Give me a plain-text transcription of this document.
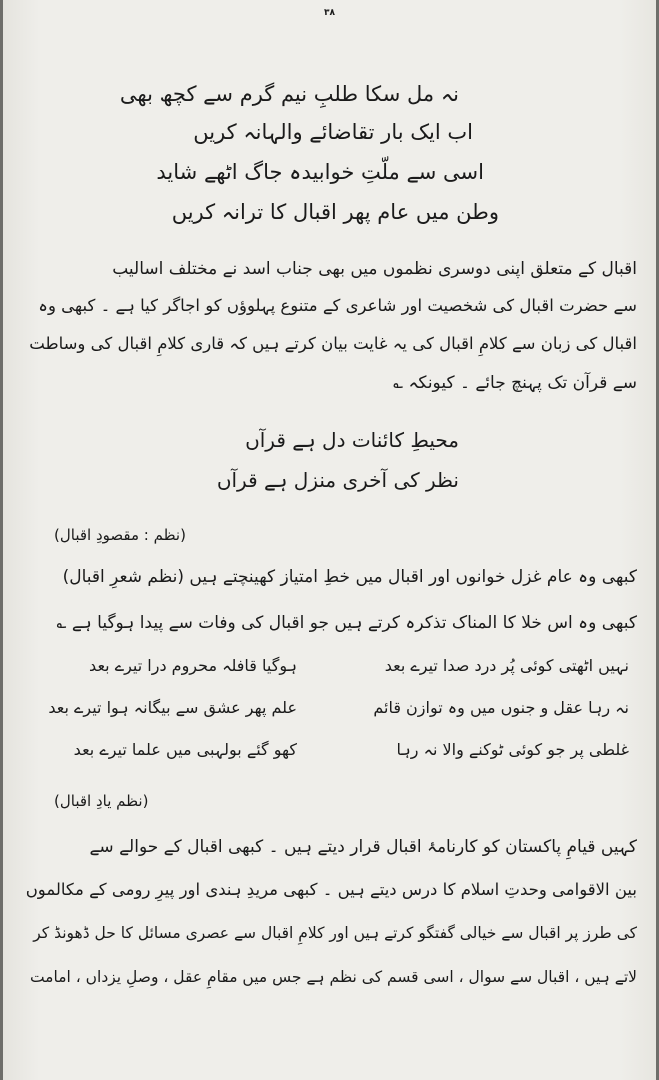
٣٨
نہ مل سکا طلبِ نیم گرم سے کچھ بھی
اب ایک بار تقاضائے والہانہ کریں
اسی سے ملّتِ خوابیدہ جاگ اٹھے شاید
وطن میں عام پھر اقبال کا ترانہ کریں
اقبال کے متعلق اپنی دوسری نظموں میں بھی جناب اسد نے مختلف اسالیب
سے حضرت اقبال کی شخصیت اور شاعری کے متنوع پہلوؤں کو اجاگر کیا ہے ۔ کبھی وہ
اقبال کی زبان سے کلامِ اقبال کی یہ غایت بیان کرتے ہیں کہ قاری کلامِ اقبال کی وساطت
سے قرآن تک پہنچ جائے ۔ کیونکہ ؎
محیطِ کائنات دل ہے قرآں
نظر کی آخری منزل ہے قرآں
(نظم : مقصودِ اقبال)
کبھی وہ عام غزل خوانوں اور اقبال میں خطِ امتیاز کھینچتے ہیں (نظم شعرِ اقبال)
کبھی وہ اس خلا کا المناک تذکرہ کرتے ہیں جو اقبال کی وفات سے پیدا ہوگیا ہے ؎
ہوگیا قافلہ محروم درا تیرے بعد	نہیں اٹھتی کوئی پُر درد صدا تیرے بعد
علم پھر عشق سے بیگانہ ہوا تیرے بعد	نہ رہا عقل و جنوں میں وہ توازن قائم
کھو گئے بولہبی میں علما تیرے بعد	غلطی پر جو کوئی ٹوکنے والا نہ رہا
(نظم یادِ اقبال)
کہیں قیامِ پاکستان کو کارنامۂ اقبال قرار دیتے ہیں ۔ کبھی اقبال کے حوالے سے
بین الاقوامی وحدتِ اسلام کا درس دیتے ہیں ۔ کبھی مریدِ ہندی اور پیرِ رومی کے مکالموں
کی طرز پر اقبال سے خیالی گفتگو کرتے ہیں اور کلامِ اقبال سے عصری مسائل کا حل ڈھونڈ کر
لاتے ہیں ، اقبال سے سوال ، اسی قسم کی نظم ہے جس میں مقامِ عقل ، وصلِ یزداں ، امامت
